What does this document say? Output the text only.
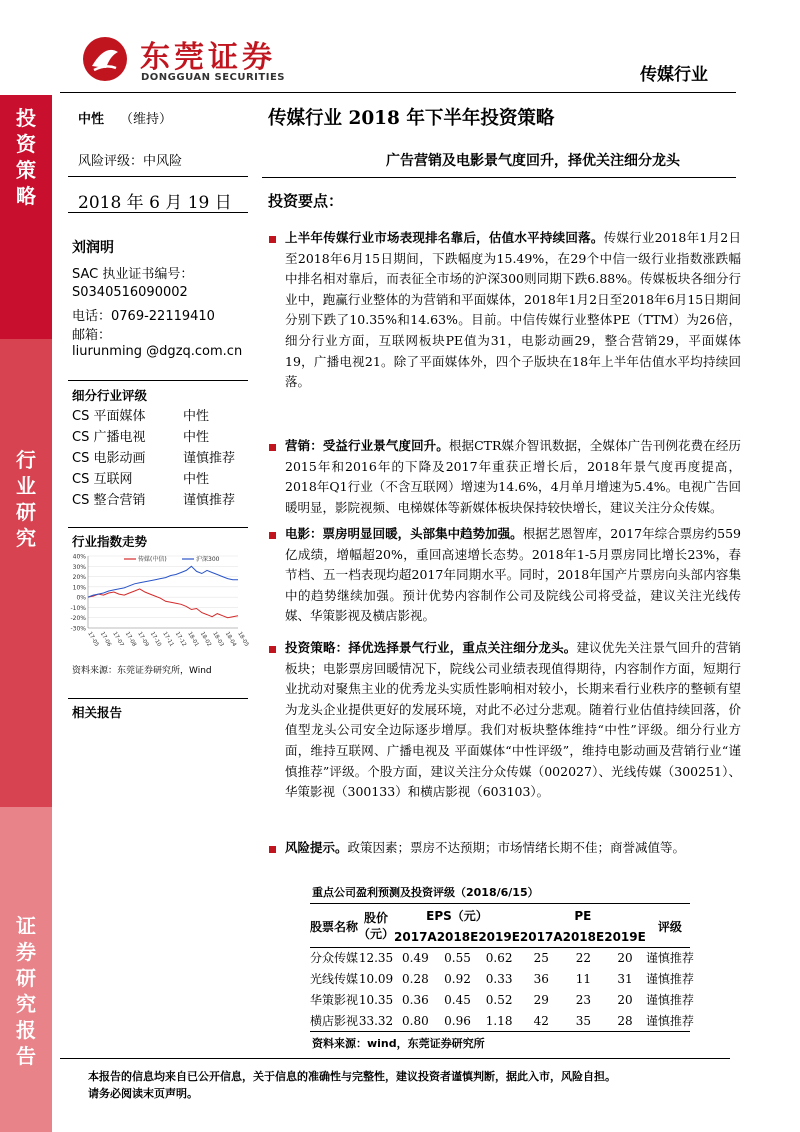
东莞证券
DONGGUAN SECURITIES	传媒行业
投
资
策
略
行
业
研
究
证
券
研
究
报
告
中性 （维持）
风险评级：中风险
2018 年 6 月 19 日
刘润明
SAC 执业证书编号：
S0340516090002
电话：0769-22119410
邮箱：
liurunming @dgzq.com.cn
细分行业评级
CS 平面媒体	中性
CS 广播电视	中性
CS 电影动画	谨慎推荐
CS 互联网	中性
CS 整合营销	谨慎推荐
行业指数走势
40%
30%
20%
10%
0%
-10%
-20%
-30%
17-05 17-06 17-07 17-08 17-09 17-10 17-11 17-12 18-01 18-02 18-03 18-04 18-05
传媒(中信)	沪深300
资料来源：东莞证券研究所，Wind
相关报告
传媒行业 2018 年下半年投资策略
广告营销及电影景气度回升，择优关注细分龙头
投资要点：
上半年传媒行业市场表现排名靠后，估值水平持续回落。传媒行业2018年1月2日至2018年6月15日期间，下跌幅度为15.49%，在29个中信一级行业指数涨跌幅中排名相对靠后，而表征全市场的沪深300则同期下跌6.88%。传媒板块各细分行业中，跑赢行业整体的为营销和平面媒体，2018年1月2日至2018年6月15日期间分别下跌了10.35%和14.63%。目前。中信传媒行业整体PE（TTM）为26倍，细分行业方面，互联网板块PE值为31，电影动画29，整合营销29，平面媒体19，广播电视21。除了平面媒体外，四个子版块在18年上半年估值水平均持续回落。
营销：受益行业景气度回升。根据CTR媒介智讯数据，全媒体广告刊例花费在经历2015年和2016年的下降及2017年重获正增长后，2018年景气度再度提高，2018年Q1行业（不含互联网）增速为14.6%，4月单月增速为5.4%。电视广告回暖明显，影院视频、电梯媒体等新媒体板块保持较快增长，建议关注分众传媒。
电影：票房明显回暖，头部集中趋势加强。根据艺恩智库，2017年综合票房约559亿成绩，增幅超20%，重回高速增长态势。2018年1-5月票房同比增长23%，春节档、五一档表现均超2017年同期水平。同时，2018年国产片票房向头部内容集中的趋势继续加强。预计优势内容制作公司及院线公司将受益，建议关注光线传媒、华策影视及横店影视。
投资策略：择优选择景气行业，重点关注细分龙头。建议优先关注景气回升的营销板块；电影票房回暖情况下，院线公司业绩表现值得期待，内容制作方面，短期行业扰动对聚焦主业的优秀龙头实质性影响相对较小，长期来看行业秩序的整顿有望为龙头企业提供更好的发展环境，对此不必过分悲观。随着行业估值持续回落，价值型龙头公司安全边际逐步增厚。我们对板块整体维持“中性”评级。细分行业方面，维持互联网、广播电视及 平面媒体“中性评级”，维持电影动画及营销行业“谨慎推荐”评级。个股方面，建议关注分众传媒（002027）、光线传媒（300251）、华策影视（300133）和横店影视（603103）。
风险提示。政策因素；票房不达预期；市场情绪长期不佳；商誉减值等。
重点公司盈利预测及投资评级（2018/6/15）
股票名称	股价（元）	EPS（元）			PE			评级
		2017A	2018E	2019E	2017A	2018E	2019E	
分众传媒	12.35	0.49	0.55	0.62	25	22	20	谨慎推荐
光线传媒	10.09	0.28	0.92	0.33	36	11	31	谨慎推荐
华策影视	10.35	0.36	0.45	0.52	29	23	20	谨慎推荐
横店影视	33.32	0.80	0.96	1.18	42	35	28	谨慎推荐
资料来源：wind，东莞证券研究所
本报告的信息均来自已公开信息，关于信息的准确性与完整性，建议投资者谨慎判断，据此入市，风险自担。
请务必阅读末页声明。
